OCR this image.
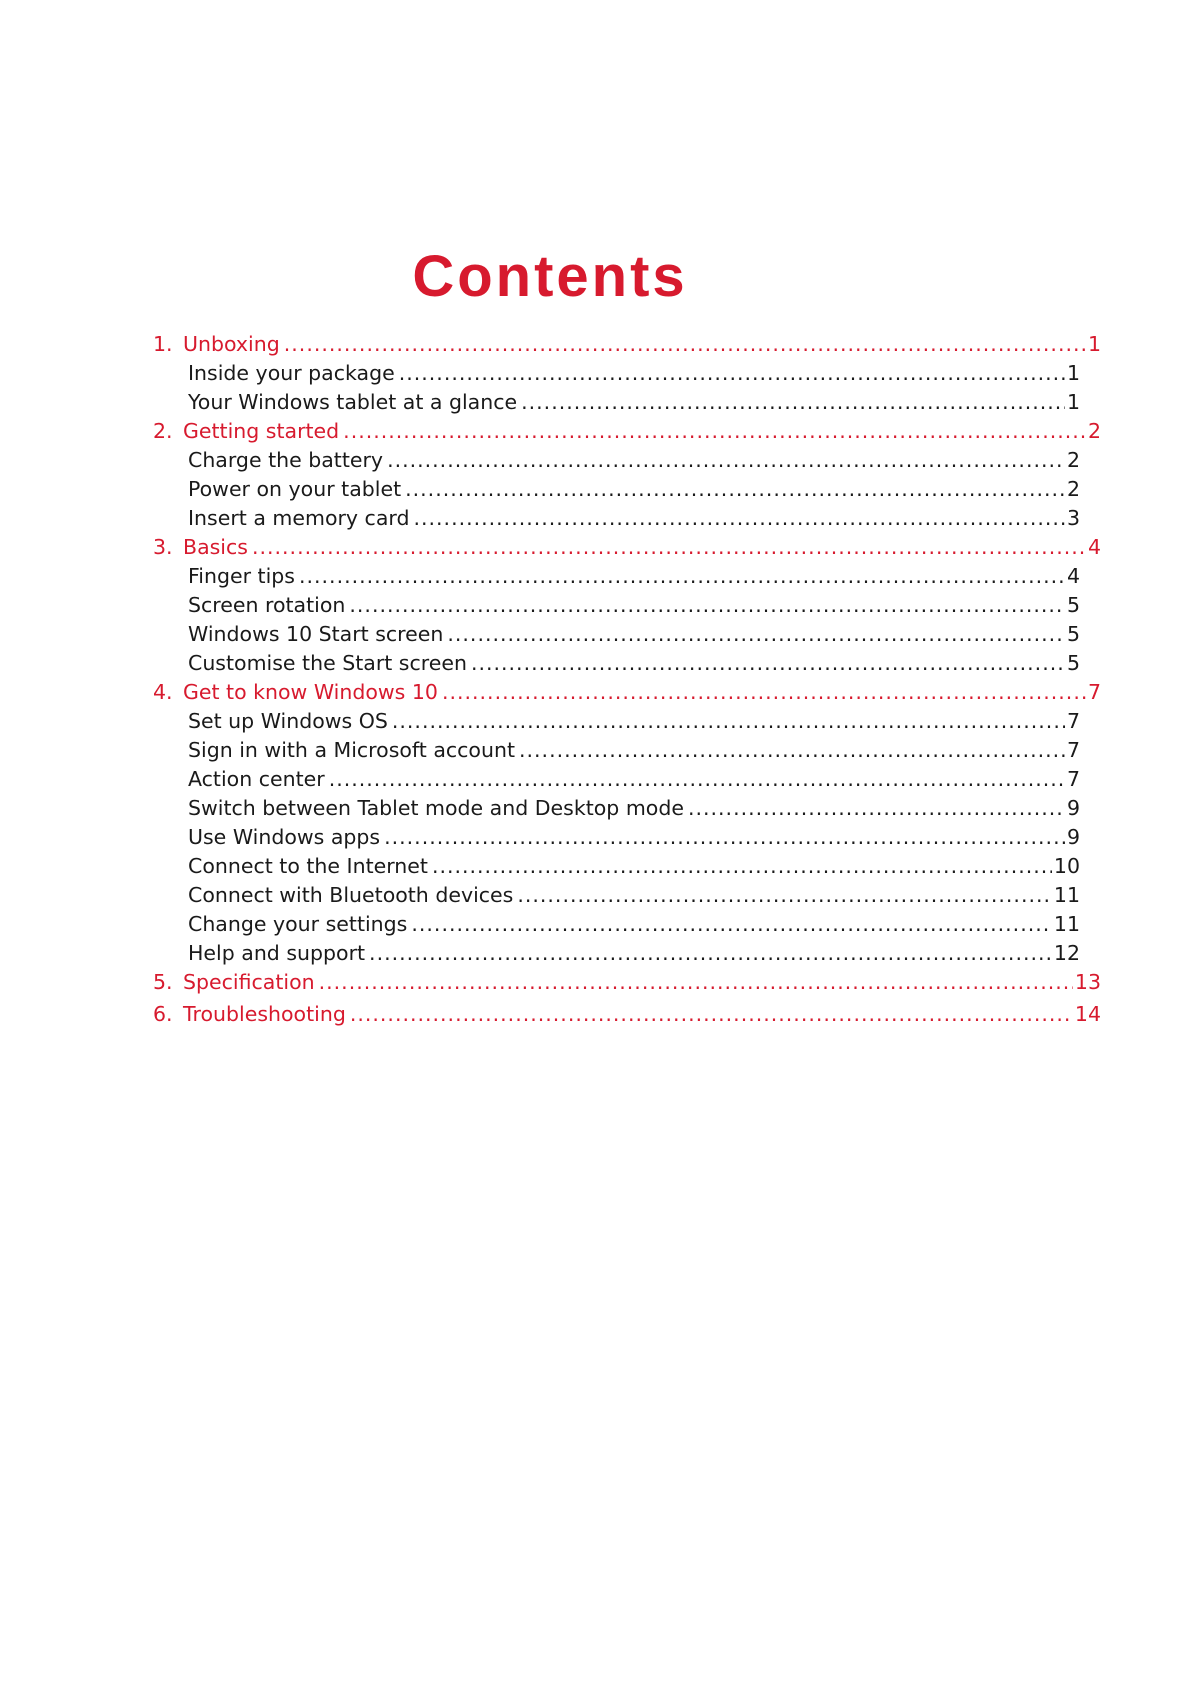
Contents
1. Unboxing .....	1
Inside your package .....	1
Your Windows tablet at a glance .....	1
2. Getting started .....	2
Charge the battery .....	2
Power on your tablet .....	2
Insert a memory card .....	3
3. Basics .....	4
Finger tips .....	4
Screen rotation .....	5
Windows 10 Start screen .....	5
Customise the Start screen .....	5
4. Get to know Windows 10 .....	7
Set up Windows OS .....	7
Sign in with a Microsoft account .....	7
Action center .....	7
Switch between Tablet mode and Desktop mode .....	9
Use Windows apps .....	9
Connect to the Internet .....	10
Connect with Bluetooth devices .....	11
Change your settings .....	11
Help and support .....	12
5. Specification .....	13
6. Troubleshooting .....	14
